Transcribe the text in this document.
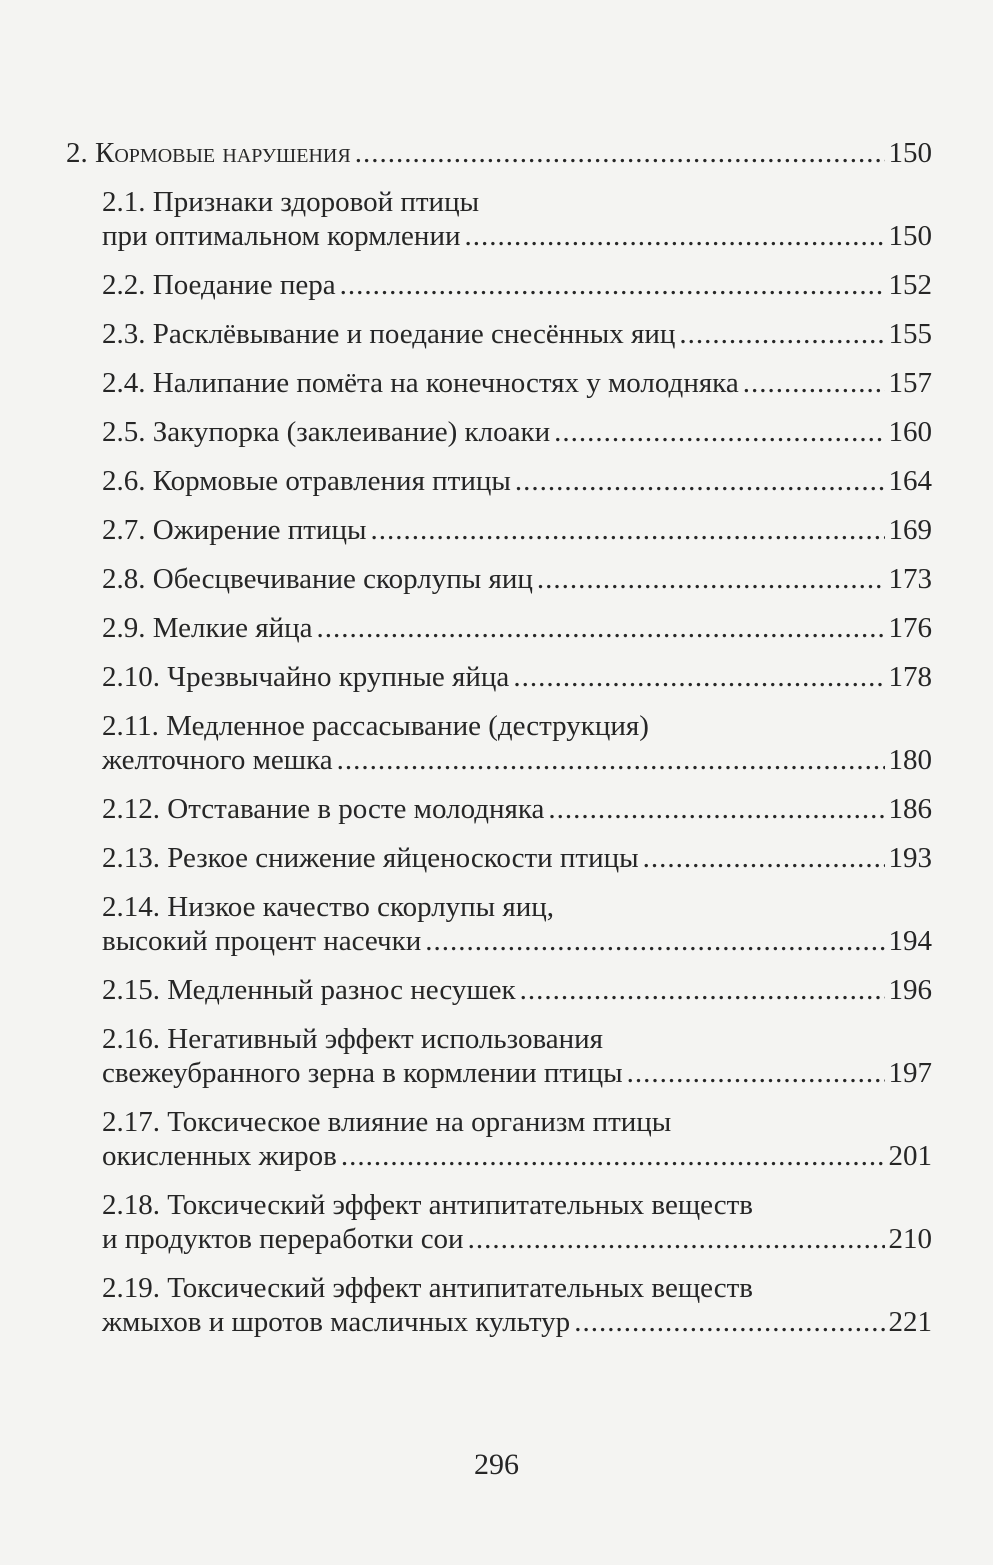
2. Кормовые нарушения .....	150
2.1. Признаки здоровой птицы
при оптимальном кормлении .....	150
2.2. Поедание пера .....	152
2.3. Расклёвывание и поедание снесённых яиц .....	155
2.4. Налипание помёта на конечностях у молодняка .....	157
2.5. Закупорка (заклеивание) клоаки .....	160
2.6. Кормовые отравления птицы .....	164
2.7. Ожирение птицы .....	169
2.8. Обесцвечивание скорлупы яиц .....	173
2.9. Мелкие яйца .....	176
2.10. Чрезвычайно крупные яйца .....	178
2.11. Медленное рассасывание (деструкция)
желточного мешка .....	180
2.12. Отставание в росте молодняка .....	186
2.13. Резкое снижение яйценоскости птицы .....	193
2.14. Низкое качество скорлупы яиц,
высокий процент насечки .....	194
2.15. Медленный разнос несушек .....	196
2.16. Негативный эффект использования
свежеубранного зерна в кормлении птицы .....	197
2.17. Токсическое влияние на организм птицы
окисленных жиров .....	201
2.18. Токсический эффект антипитательных веществ
и продуктов переработки сои .....	210
2.19. Токсический эффект антипитательных веществ
жмыхов и шротов масличных культур .....	221
296
